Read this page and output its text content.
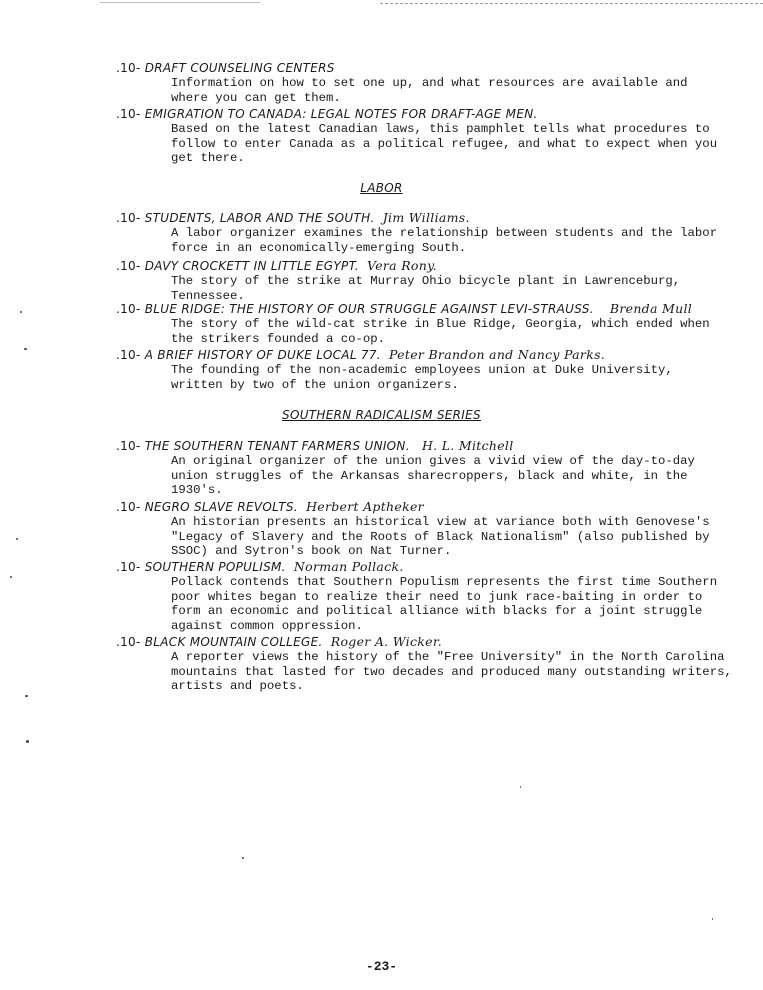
.10- DRAFT COUNSELING CENTERS
Information on how to set one up, and what resources are available and
where you can get them.
.10- EMIGRATION TO CANADA: LEGAL NOTES FOR DRAFT-AGE MEN.
Based on the latest Canadian laws, this pamphlet tells what procedures to
follow to enter Canada as a political refugee, and what to expect when you
get there.
LABOR
.10- STUDENTS, LABOR AND THE SOUTH. Jim Williams.
A labor organizer examines the relationship between students and the labor
force in an economically-emerging South.
.10- DAVY CROCKETT IN LITTLE EGYPT. Vera Rony.
The story of the strike at Murray Ohio bicycle plant in Lawrenceburg,
Tennessee.
.10- BLUE RIDGE: THE HISTORY OF OUR STRUGGLE AGAINST LEVI-STRAUSS. Brenda Mull
The story of the wild-cat strike in Blue Ridge, Georgia, which ended when
the strikers founded a co-op.
.10- A BRIEF HISTORY OF DUKE LOCAL 77. Peter Brandon and Nancy Parks.
The founding of the non-academic employees union at Duke University,
written by two of the union organizers.
SOUTHERN RADICALISM SERIES
.10- THE SOUTHERN TENANT FARMERS UNION. H. L. Mitchell
An original organizer of the union gives a vivid view of the day-to-day
union struggles of the Arkansas sharecroppers, black and white, in the
1930's.
.10- NEGRO SLAVE REVOLTS. Herbert Aptheker
An historian presents an historical view at variance both with Genovese's
"Legacy of Slavery and the Roots of Black Nationalism" (also published by
SSOC) and Sytron's book on Nat Turner.
.10- SOUTHERN POPULISM. Norman Pollack.
Pollack contends that Southern Populism represents the first time Southern
poor whites began to realize their need to junk race-baiting in order to
form an economic and political alliance with blacks for a joint struggle
against common oppression.
.10- BLACK MOUNTAIN COLLEGE. Roger A. Wicker.
A reporter views the history of the "Free University" in the North Carolina
mountains that lasted for two decades and produced many outstanding writers,
artists and poets.
-23-
